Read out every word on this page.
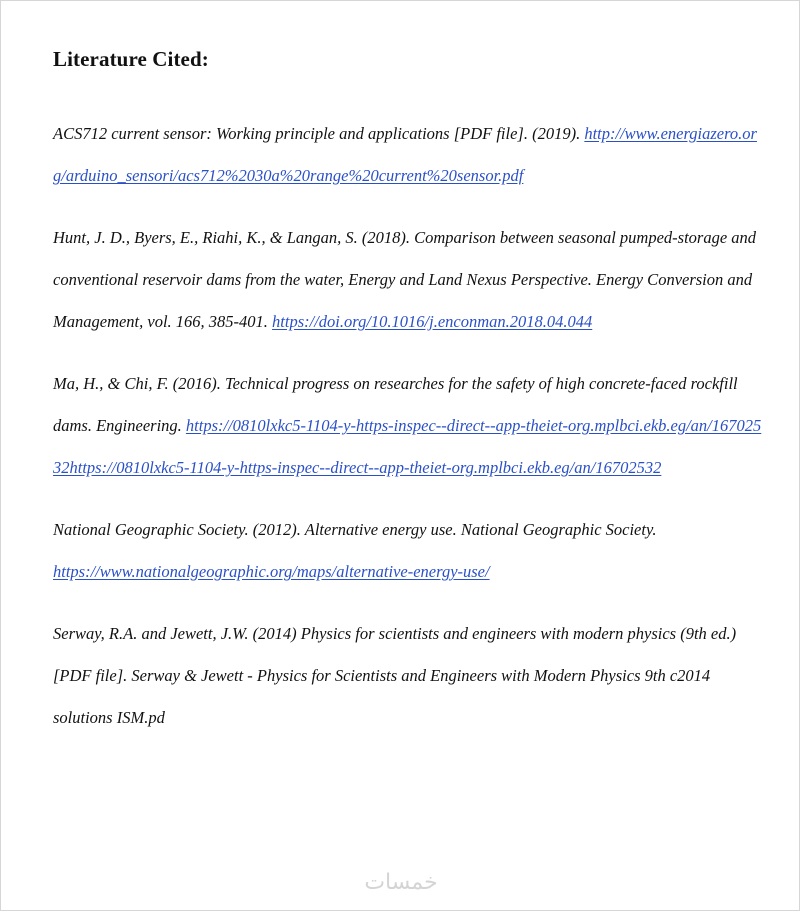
Literature Cited:

ACS712 current sensor: Working principle and applications [PDF file]. (2019). http://www.energiazero.org/arduino_sensori/acs712%2030a%20range%20current%20sensor.pdf

Hunt, J. D., Byers, E., Riahi, K., & Langan, S. (2018). Comparison between seasonal pumped-storage and conventional reservoir dams from the water, Energy and Land Nexus Perspective. Energy Conversion and Management, vol. 166, 385-401. https://doi.org/10.1016/j.enconman.2018.04.044

Ma, H., & Chi, F. (2016). Technical progress on researches for the safety of high concrete-faced rockfill dams. Engineering. https://0810lxkc5-1104-y-https-inspec--direct--app-theiet-org.mplbci.ekb.eg/an/16702532https://0810lxkc5-1104-y-https-inspec--direct--app-theiet-org.mplbci.ekb.eg/an/16702532

National Geographic Society. (2012). Alternative energy use. National Geographic Society. https://www.nationalgeographic.org/maps/alternative-energy-use/

Serway, R.A. and Jewett, J.W. (2014) Physics for scientists and engineers with modern physics (9th ed.) [PDF file]. Serway & Jewett - Physics for Scientists and Engineers with Modern Physics 9th c2014 solutions ISM.pd

خمسات
